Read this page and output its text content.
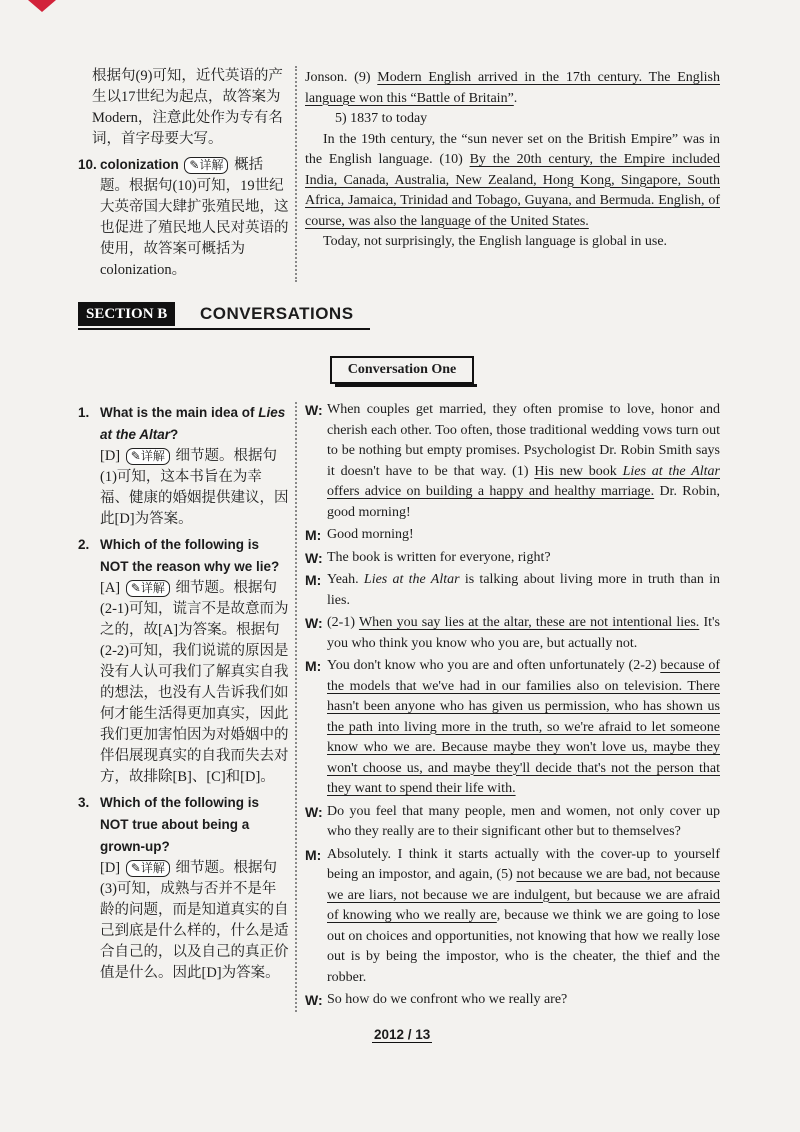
根据句(9)可知，近代英语的产生以17世纪为起点，故答案为Modern，注意此处作为专有名词，首字母要大写。
10. colonization ✎详解 概括题。根据句(10)可知，19世纪大英帝国大肆扩张殖民地，这也促进了殖民地人民对英语的使用，故答案可概括为colonization。

Jonson. (9) Modern English arrived in the 17th century. The English language won this “Battle of Britain”.

5) 1837 to today

In the 19th century, the “sun never set on the British Empire” was in the English language. (10) By the 20th century, the Empire included India, Canada, Australia, New Zealand, Hong Kong, Singapore, South Africa, Jamaica, Trinidad and Tobago, Guyana, and Bermuda. English, of course, was also the language of the United States.

Today, not surprisingly, the English language is global in use.

SECTION B	CONVERSATIONS
Conversation One
1. What is the main idea of Lies at the Altar?
[D] ✎详解 细节题。根据句(1)可知，这本书旨在为幸福、健康的婚姻提供建议，因此[D]为答案。
2. Which of the following is NOT the reason why we lie?
[A] ✎详解 细节题。根据句(2-1)可知，谎言不是故意而为之的，故[A]为答案。根据句(2-2)可知，我们说谎的原因是没有人认可我们了解真实自我的想法，也没有人告诉我们如何才能生活得更加真实，因此我们更加害怕因为对婚姻中的伴侣展现真实的自我而失去对方，故排除[B]、[C]和[D]。
3. Which of the following is NOT true about being a grown-up?
[D] ✎详解 细节题。根据句(3)可知，成熟与否并不是年龄的问题，而是知道真实的自己到底是什么样的，什么是适合自己的，以及自己的真正价值是什么。因此[D]为答案。
W: When couples get married, they often promise to love, honor and cherish each other. Too often, those traditional wedding vows turn out to be nothing but empty promises. Psychologist Dr. Robin Smith says it doesn't have to be that way. (1) His new book Lies at the Altar offers advice on building a happy and healthy marriage. Dr. Robin, good morning!
M: Good morning!
W: The book is written for everyone, right?
M: Yeah. Lies at the Altar is talking about living more in truth than in lies.
W: (2-1) When you say lies at the altar, these are not intentional lies. It's you who think you know who you are, but actually not.
M: You don't know who you are and often unfortunately (2-2) because of the models that we've had in our families also on television. There hasn't been anyone who has given us permission, who has shown us the path into living more in the truth, so we're afraid to let someone know who we are. Because maybe they won't love us, maybe they won't choose us, and maybe they'll decide that's not the person that they want to spend their life with.
W: Do you feel that many people, men and women, not only cover up who they really are to their significant other but to themselves?
M: Absolutely. I think it starts actually with the cover-up to yourself being an impostor, and again, (5) not because we are bad, not because we are liars, not because we are indulgent, but because we are afraid of knowing who we really are, because we think we are going to lose out on choices and opportunities, not knowing that how we really lose out is by being the impostor, who is the cheater, the thief and the robber.
W: So how do we confront who we really are?
2012 / 13
